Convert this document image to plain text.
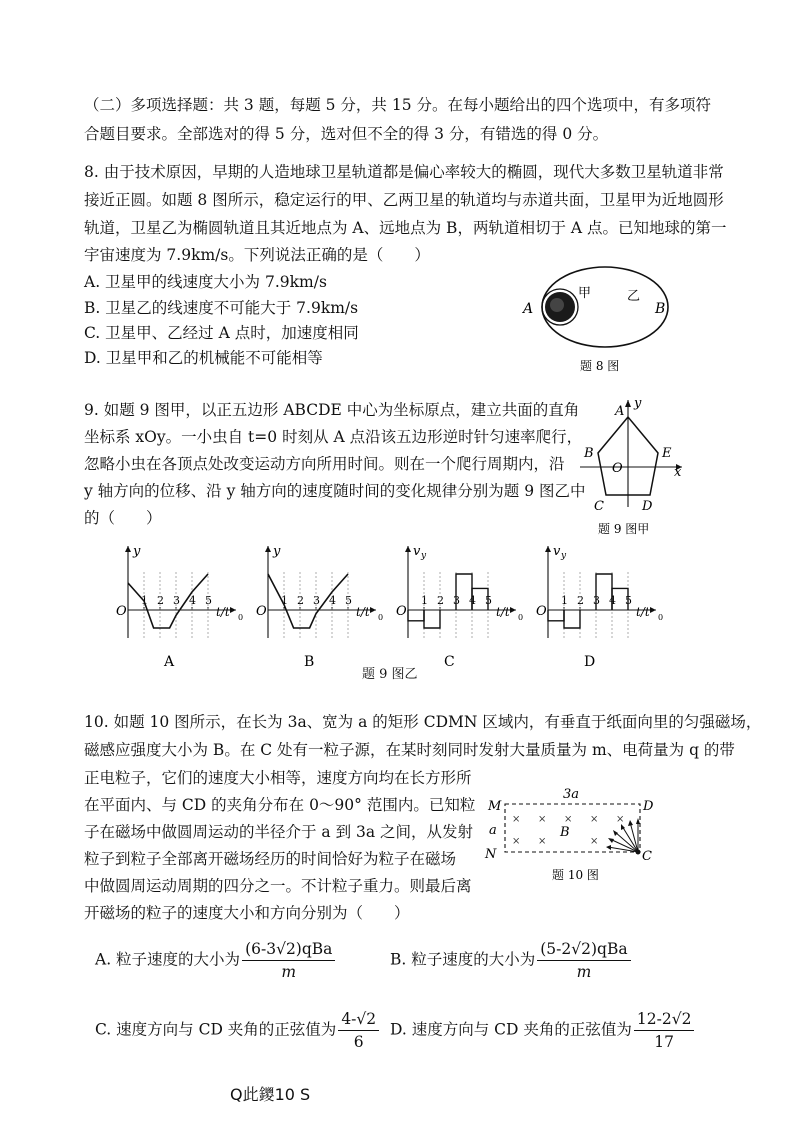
（二）多项选择题：共 3 题，每题 5 分，共 15 分。在每小题给出的四个选项中，有多项符
合题目要求。全部选对的得 5 分，选对但不全的得 3 分，有错选的得 0 分。
8. 由于技术原因，早期的人造地球卫星轨道都是偏心率较大的椭圆，现代大多数卫星轨道非常
接近正圆。如题 8 图所示，稳定运行的甲、乙两卫星的轨道均与赤道共面，卫星甲为近地圆形
轨道，卫星乙为椭圆轨道且其近地点为 A、远地点为 B，两轨道相切于 A 点。已知地球的第一
宇宙速度为 7.9km/s。下列说法正确的是（　　）
A. 卫星甲的线速度大小为 7.9km/s
B. 卫星乙的线速度不可能大于 7.9km/s
C. 卫星甲、乙经过 A 点时，加速度相同
D. 卫星甲和乙的机械能不可能相等
A	B
甲	乙
题 8 图
9. 如题 9 图甲，以正五边形 ABCDE 中心为坐标原点，建立共面的直角
坐标系 xOy。一小虫自 t=0 时刻从 A 点沿该五边形逆时针匀速率爬行，
忽略小虫在各顶点处改变运动方向所用时间。则在一个爬行周期内，沿
y 轴方向的位移、沿 y 轴方向的速度随时间的变化规律分别为题 9 图乙中
的（　　）
A
B	E
O
C	D
x
y
题 9 图甲
O
y
1 2 3 4 5
t/t 0
A
O
y
1 2 3 4 5
t/t 0
B
O
v y
1 2 3 4 5
t/t 0
C
O
v y
1 2 3 4 5
t/t 0
D
题 9 图乙
10. 如题 10 图所示，在长为 3a、宽为 a 的矩形 CDMN 区域内，有垂直于纸面向里的匀强磁场，
磁感应强度大小为 B。在 C 处有一粒子源，在某时刻同时发射大量质量为 m、电荷量为 q 的带
正电粒子，它们的速度大小相等，速度方向均在长方形所
在平面内、与 CD 的夹角分布在 0～90° 范围内。已知粒
子在磁场中做圆周运动的半径介于 a 到 3a 之间，从发射
粒子到粒子全部离开磁场经历的时间恰好为粒子在磁场
中做圆周运动周期的四分之一。不计粒子重力。则最后离
开磁场的粒子的速度大小和方向分别为（　　）
3a
a	B
M	D
N	C
× × × × ×
× ×	×
题 10 图
A. 粒子速度的大小为 $\frac{\text{(6-3√2)qBa}}{m}$	B. 粒子速度的大小为 $\frac{\text{(5-2√2)qBa}}{m}$
C. 速度方向与 CD 夹角的正弦值为 $\frac{4-√2}{6} D$. 速度方向与 CD 夹角的正弦值为 $\frac{12-2√2}{17}$
Q此鑁10 S
